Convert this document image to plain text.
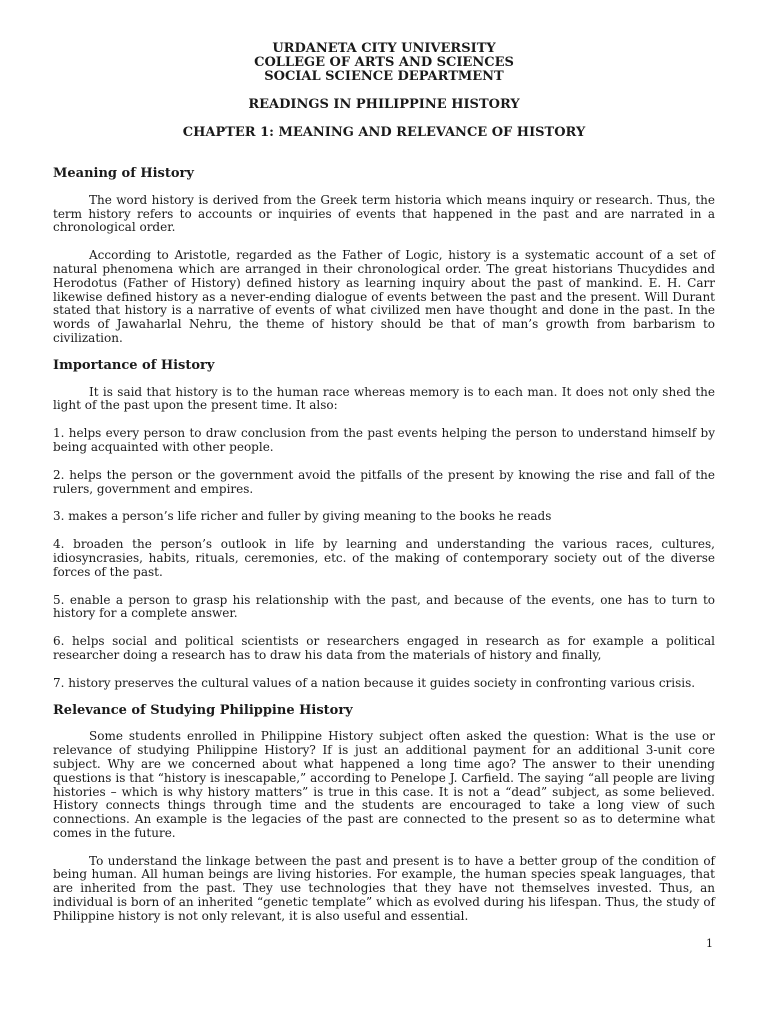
URDANETA CITY UNIVERSITY

COLLEGE OF ARTS AND SCIENCES

SOCIAL SCIENCE DEPARTMENT

READINGS IN PHILIPPINE HISTORY

CHAPTER 1: MEANING AND RELEVANCE OF HISTORY

Meaning of History

The word history is derived from the Greek term historia which means inquiry or research. Thus, the term history refers to accounts or inquiries of events that happened in the past and are narrated in a chronological order.

According to Aristotle, regarded as the Father of Logic, history is a systematic account of a set of natural phenomena which are arranged in their chronological order. The great historians Thucydides and Herodotus (Father of History) defined history as learning inquiry about the past of mankind. E. H. Carr likewise defined history as a never-ending dialogue of events between the past and the present. Will Durant stated that history is a narrative of events of what civilized men have thought and done in the past. In the words of Jawaharlal Nehru, the theme of history should be that of man’s growth from barbarism to civilization.

Importance of History

It is said that history is to the human race whereas memory is to each man. It does not only shed the light of the past upon the present time. It also:

1. helps every person to draw conclusion from the past events helping the person to understand himself by being acquainted with other people.

2. helps the person or the government avoid the pitfalls of the present by knowing the rise and fall of the rulers, government and empires.

3. makes a person’s life richer and fuller by giving meaning to the books he reads

4. broaden the person’s outlook in life by learning and understanding the various races, cultures, idiosyncrasies, habits, rituals, ceremonies, etc. of the making of contemporary society out of the diverse forces of the past.

5. enable a person to grasp his relationship with the past, and because of the events, one has to turn to history for a complete answer.

6. helps social and political scientists or researchers engaged in research as for example a political researcher doing a research has to draw his data from the materials of history and finally,

7. history preserves the cultural values of a nation because it guides society in confronting various crisis.

Relevance of Studying Philippine History

Some students enrolled in Philippine History subject often asked the question: What is the use or relevance of studying Philippine History? If is just an additional payment for an additional 3-unit core subject. Why are we concerned about what happened a long time ago? The answer to their unending questions is that “history is inescapable,” according to Penelope J. Carfield. The saying “all people are living histories – which is why history matters” is true in this case. It is not a “dead” subject, as some believed. History connects things through time and the students are encouraged to take a long view of such connections. An example is the legacies of the past are connected to the present so as to determine what comes in the future.

To understand the linkage between the past and present is to have a better group of the condition of being human. All human beings are living histories. For example, the human species speak languages, that are inherited from the past. They use technologies that they have not themselves invested. Thus, an individual is born of an inherited “genetic template” which as evolved during his lifespan. Thus, the study of Philippine history is not only relevant, it is also useful and essential.

1
